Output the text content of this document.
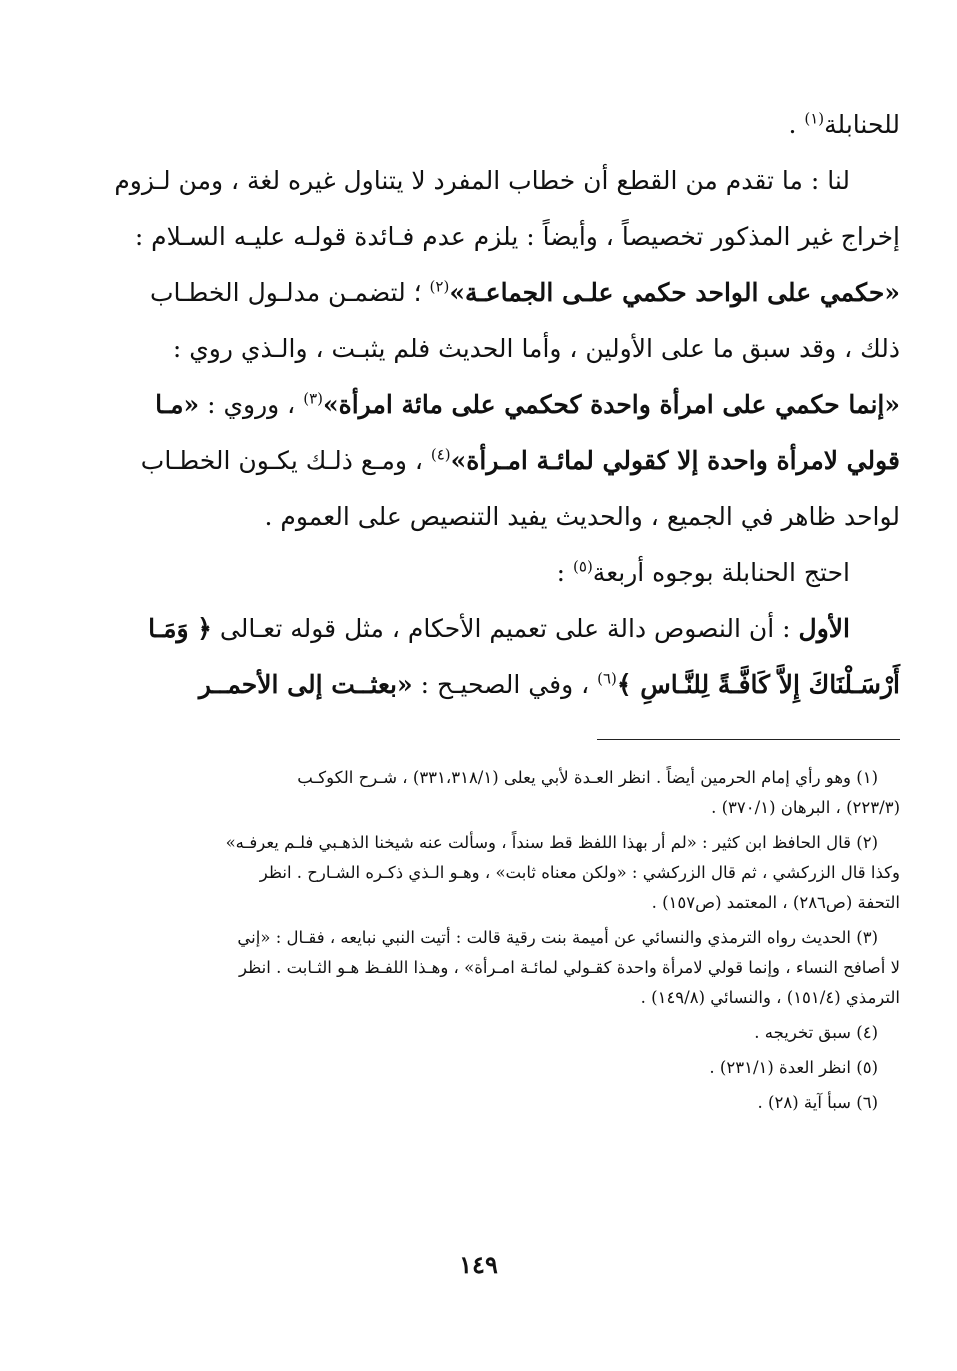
للحنابلة$^{(١)}$ .
لنا : ما تقدم من القطع أن خطاب المفرد لا يتناول غيره لغة ، ومن لـزوم
إخراج غير المذكور تخصيصاً ، وأيضاً : يلزم عدم فـائدة قولـه عليـه السـلام :
«حكمي على الواحد حكمي علـى الجماعـة»$^{(٢)}$ ؛ لتضمـن مدلـول الخطـاب
ذلك ، وقد سبق ما على الأولين ، وأما الحديث فلم يثبـت ، والـذي روي :
«إنما حكمي على امرأة واحدة كحكمي على مائة امرأة»$^{(٣)}$ ، وروي : «مـا
قولي لامرأة واحدة إلا كقولي لمائـة امـرأة»$^{(٤)}$ ، ومـع ذلـك يكـون الخطـاب
لواحد ظاهر في الجميع ، والحديث يفيد التنصيص على العموم .
احتج الحنابلة بوجوه أربعة$^{(٥)}$ :
الأول : أن النصوص دالة على تعميم الأحكام ، مثل قوله تعـالى ﴿ وَمَـا
أَرْسَـلْنَاكَ إِلاَّ كَافَّـةً لِلنَّـاسِ ﴾$^{(٦)}$ ، وفي الصحيـح : «بعثــت إلى الأحمــر
(١) وهو رأي إمام الحرمين أيضاً . انظر العـدة لأبي يعلى (٣٣١،٣١٨/١) ، شـرح الكوكـب
(٢٢٣/٣) ، البرهان (٣٧٠/١) .
(٢) قال الحافظ ابن كثير : «لم أر بهذا اللفظ قط سنداً ، وسألت عنه شيخنا الذهـبي فلـم يعرفـه»
وكذا قال الزركشي ، ثم قال الزركشي : «ولكن معناه ثابت» ، وهـو الـذي ذكـره الشـارح . انظر
التحفة (ص٢٨٦) ، المعتمد (ص١٥٧) .
(٣) الحديث رواه الترمذي والنسائي عن أميمة بنت رقية قالت : أتيت النبي نبايعه ، فقـال : «إني
لا أصافح النساء ، وإنما قولي لامرأة واحدة كقـولي لمائـة امـرأة» ، وهـذا اللفـظ هـو الثـابت . انظر
الترمذي (١٥١/٤) ، والنسائي (١٤٩/٨) .
(٤) سبق تخريجه .
(٥) انظر العدة (٢٣١/١) .
(٦) سبأ آية (٢٨) .
١٤٩
